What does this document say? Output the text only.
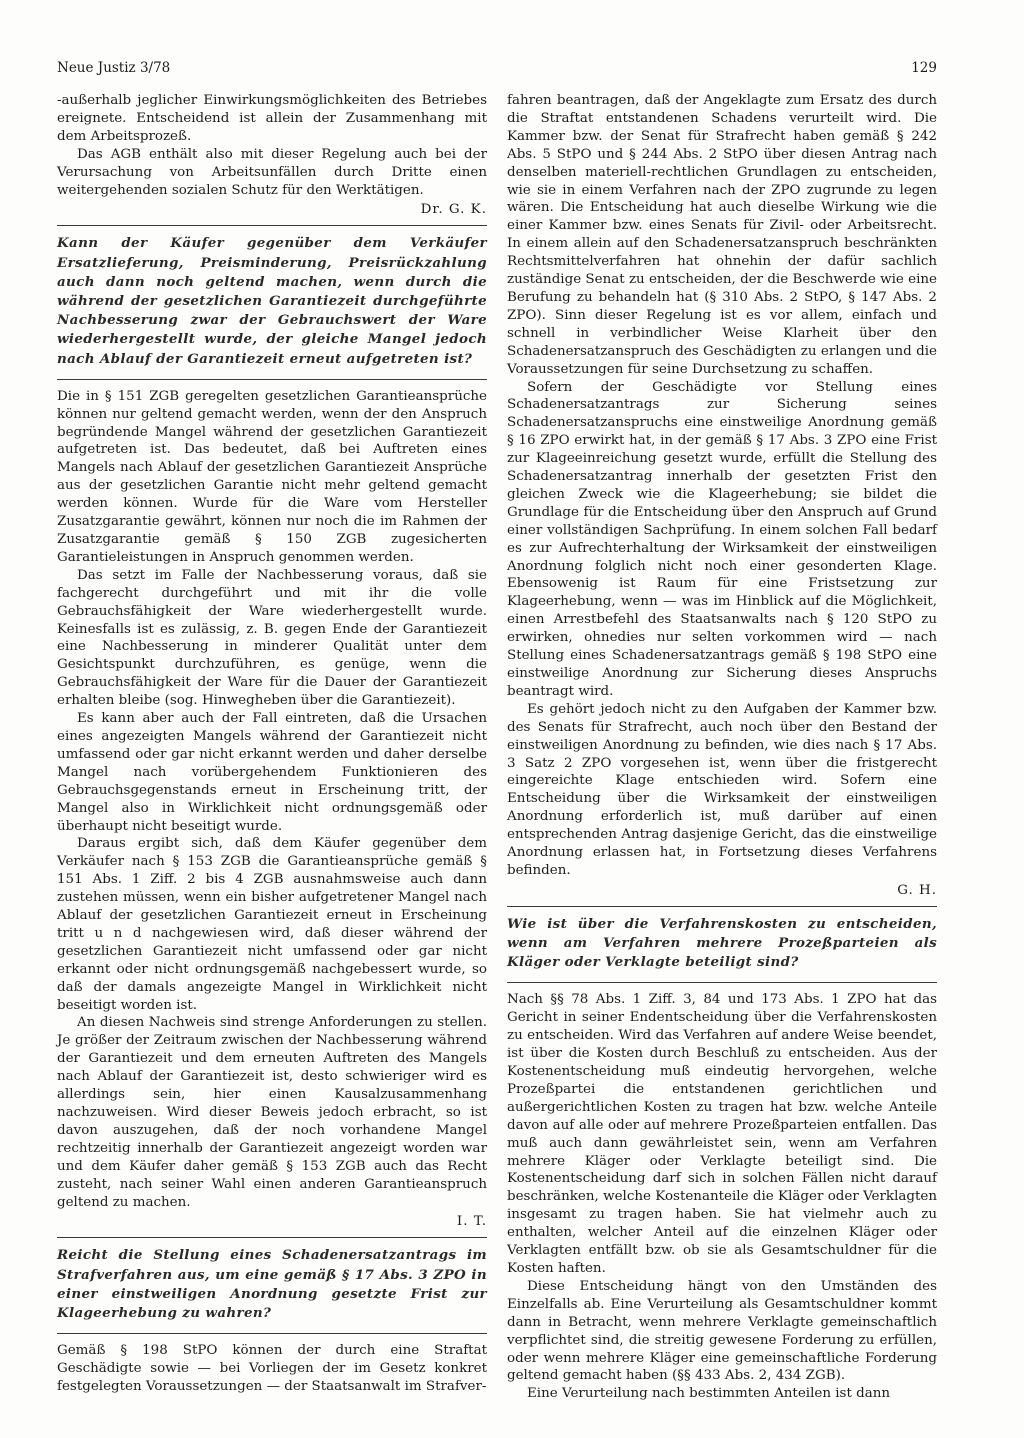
Neue Justiz 3/78	129

-außerhalb jeglicher Einwirkungsmöglichkeiten des Betriebes ereignete. Entscheidend ist allein der Zusammenhang mit dem Arbeitsprozeß.

Das AGB enthält also mit dieser Regelung auch bei der Verursachung von Arbeitsunfällen durch Dritte einen weitergehenden sozialen Schutz für den Werktätigen.

Dr. G. K.

Kann der Käufer gegenüber dem Verkäufer Ersatzlieferung, Preisminderung, Preisrückzahlung auch dann noch geltend machen, wenn durch die während der gesetzlichen Garantiezeit durchgeführte Nachbesserung zwar der Gebrauchswert der Ware wiederhergestellt wurde, der gleiche Mangel jedoch nach Ablauf der Garantiezeit erneut aufgetreten ist?

Die in § 151 ZGB geregelten gesetzlichen Garantieansprüche können nur geltend gemacht werden, wenn der den Anspruch begründende Mangel während der gesetzlichen Garantiezeit aufgetreten ist. Das bedeutet, daß bei Auftreten eines Mangels nach Ablauf der gesetzlichen Garantiezeit Ansprüche aus der gesetzlichen Garantie nicht mehr geltend gemacht werden können. Wurde für die Ware vom Hersteller Zusatzgarantie gewährt, können nur noch die im Rahmen der Zusatzgarantie gemäß § 150 ZGB zugesicherten Garantieleistungen in Anspruch genommen werden.

Das setzt im Falle der Nachbesserung voraus, daß sie fachgerecht durchgeführt und mit ihr die volle Gebrauchsfähigkeit der Ware wiederhergestellt wurde. Keinesfalls ist es zulässig, z. B. gegen Ende der Garantiezeit eine Nachbesserung in minderer Qualität unter dem Gesichtspunkt durchzuführen, es genüge, wenn die Gebrauchsfähigkeit der Ware für die Dauer der Garantiezeit erhalten bleibe (sog. Hinwegheben über die Garantiezeit).

Es kann aber auch der Fall eintreten, daß die Ursachen eines angezeigten Mangels während der Garantiezeit nicht umfassend oder gar nicht erkannt werden und daher derselbe Mangel nach vorübergehendem Funktionieren des Gebrauchsgegenstands erneut in Erscheinung tritt, der Mangel also in Wirklichkeit nicht ordnungsgemäß oder überhaupt nicht beseitigt wurde.

Daraus ergibt sich, daß dem Käufer gegenüber dem Verkäufer nach § 153 ZGB die Garantieansprüche gemäß § 151 Abs. 1 Ziff. 2 bis 4 ZGB ausnahmsweise auch dann zustehen müssen, wenn ein bisher aufgetretener Mangel nach Ablauf der gesetzlichen Garantiezeit erneut in Erscheinung tritt u n d nachgewiesen wird, daß dieser während der gesetzlichen Garantiezeit nicht umfassend oder gar nicht erkannt oder nicht ordnungsgemäß nachgebessert wurde, so daß der damals angezeigte Mangel in Wirklichkeit nicht beseitigt worden ist.

An diesen Nachweis sind strenge Anforderungen zu stellen. Je größer der Zeitraum zwischen der Nachbesserung während der Garantiezeit und dem erneuten Auftreten des Mangels nach Ablauf der Garantiezeit ist, desto schwieriger wird es allerdings sein, hier einen Kausalzusammenhang nachzuweisen. Wird dieser Beweis jedoch erbracht, so ist davon auszugehen, daß der noch vorhandene Mangel rechtzeitig innerhalb der Garantiezeit angezeigt worden war und dem Käufer daher gemäß § 153 ZGB auch das Recht zusteht, nach seiner Wahl einen anderen Garantieanspruch geltend zu machen.

I. T.

Reicht die Stellung eines Schadenersatzantrags im Strafverfahren aus, um eine gemäß § 17 Abs. 3 ZPO in einer einstweiligen Anordnung gesetzte Frist zur Klageerhebung zu wahren?

Gemäß § 198 StPO können der durch eine Straftat Geschädigte sowie — bei Vorliegen der im Gesetz konkret festgelegten Voraussetzungen — der Staatsanwalt im Strafver-

fahren beantragen, daß der Angeklagte zum Ersatz des durch die Straftat entstandenen Schadens verurteilt wird. Die Kammer bzw. der Senat für Strafrecht haben gemäß § 242 Abs. 5 StPO und § 244 Abs. 2 StPO über diesen Antrag nach denselben materiell-rechtlichen Grundlagen zu entscheiden, wie sie in einem Verfahren nach der ZPO zugrunde zu legen wären. Die Entscheidung hat auch dieselbe Wirkung wie die einer Kammer bzw. eines Senats für Zivil- oder Arbeitsrecht. In einem allein auf den Schadenersatzanspruch beschränkten Rechtsmittelverfahren hat ohnehin der dafür sachlich zuständige Senat zu entscheiden, der die Beschwerde wie eine Berufung zu behandeln hat (§ 310 Abs. 2 StPO, § 147 Abs. 2 ZPO). Sinn dieser Regelung ist es vor allem, einfach und schnell in verbindlicher Weise Klarheit über den Schadenersatzanspruch des Geschädigten zu erlangen und die Voraussetzungen für seine Durchsetzung zu schaffen.

Sofern der Geschädigte vor Stellung eines Schadenersatzantrags zur Sicherung seines Schadenersatzanspruchs eine einstweilige Anordnung gemäß § 16 ZPO erwirkt hat, in der gemäß § 17 Abs. 3 ZPO eine Frist zur Klageeinreichung gesetzt wurde, erfüllt die Stellung des Schadenersatzantrag innerhalb der gesetzten Frist den gleichen Zweck wie die Klageerhebung; sie bildet die Grundlage für die Entscheidung über den Anspruch auf Grund einer vollständigen Sachprüfung. In einem solchen Fall bedarf es zur Aufrechterhaltung der Wirksamkeit der einstweiligen Anordnung folglich nicht noch einer gesonderten Klage. Ebensowenig ist Raum für eine Fristsetzung zur Klageerhebung, wenn — was im Hinblick auf die Möglichkeit, einen Arrestbefehl des Staatsanwalts nach § 120 StPO zu erwirken, ohnedies nur selten vorkommen wird — nach Stellung eines Schadenersatzantrags gemäß § 198 StPO eine einstweilige Anordnung zur Sicherung dieses Anspruchs beantragt wird.

Es gehört jedoch nicht zu den Aufgaben der Kammer bzw. des Senats für Strafrecht, auch noch über den Bestand der einstweiligen Anordnung zu befinden, wie dies nach § 17 Abs. 3 Satz 2 ZPO vorgesehen ist, wenn über die fristgerecht eingereichte Klage entschieden wird. Sofern eine Entscheidung über die Wirksamkeit der einstweiligen Anordnung erforderlich ist, muß darüber auf einen entsprechenden Antrag dasjenige Gericht, das die einstweilige Anordnung erlassen hat, in Fortsetzung dieses Verfahrens befinden.

G. H.

Wie ist über die Verfahrenskosten zu entscheiden, wenn am Verfahren mehrere Prozeßparteien als Kläger oder Verklagte beteiligt sind?

Nach §§ 78 Abs. 1 Ziff. 3, 84 und 173 Abs. 1 ZPO hat das Gericht in seiner Endentscheidung über die Verfahrenskosten zu entscheiden. Wird das Verfahren auf andere Weise beendet, ist über die Kosten durch Beschluß zu entscheiden. Aus der Kostenentscheidung muß eindeutig hervorgehen, welche Prozeßpartei die entstandenen gerichtlichen und außergerichtlichen Kosten zu tragen hat bzw. welche Anteile davon auf alle oder auf mehrere Prozeßparteien entfallen. Das muß auch dann gewährleistet sein, wenn am Verfahren mehrere Kläger oder Verklagte beteiligt sind. Die Kostenentscheidung darf sich in solchen Fällen nicht darauf beschränken, welche Kostenanteile die Kläger oder Verklagten insgesamt zu tragen haben. Sie hat vielmehr auch zu enthalten, welcher Anteil auf die einzelnen Kläger oder Verklagten entfällt bzw. ob sie als Gesamtschuldner für die Kosten haften.

Diese Entscheidung hängt von den Umständen des Einzelfalls ab. Eine Verurteilung als Gesamtschuldner kommt dann in Betracht, wenn mehrere Verklagte gemeinschaftlich verpflichtet sind, die streitig gewesene Forderung zu erfüllen, oder wenn mehrere Kläger eine gemeinschaftliche Forderung geltend gemacht haben (§§ 433 Abs. 2, 434 ZGB).

Eine Verurteilung nach bestimmten Anteilen ist dann
